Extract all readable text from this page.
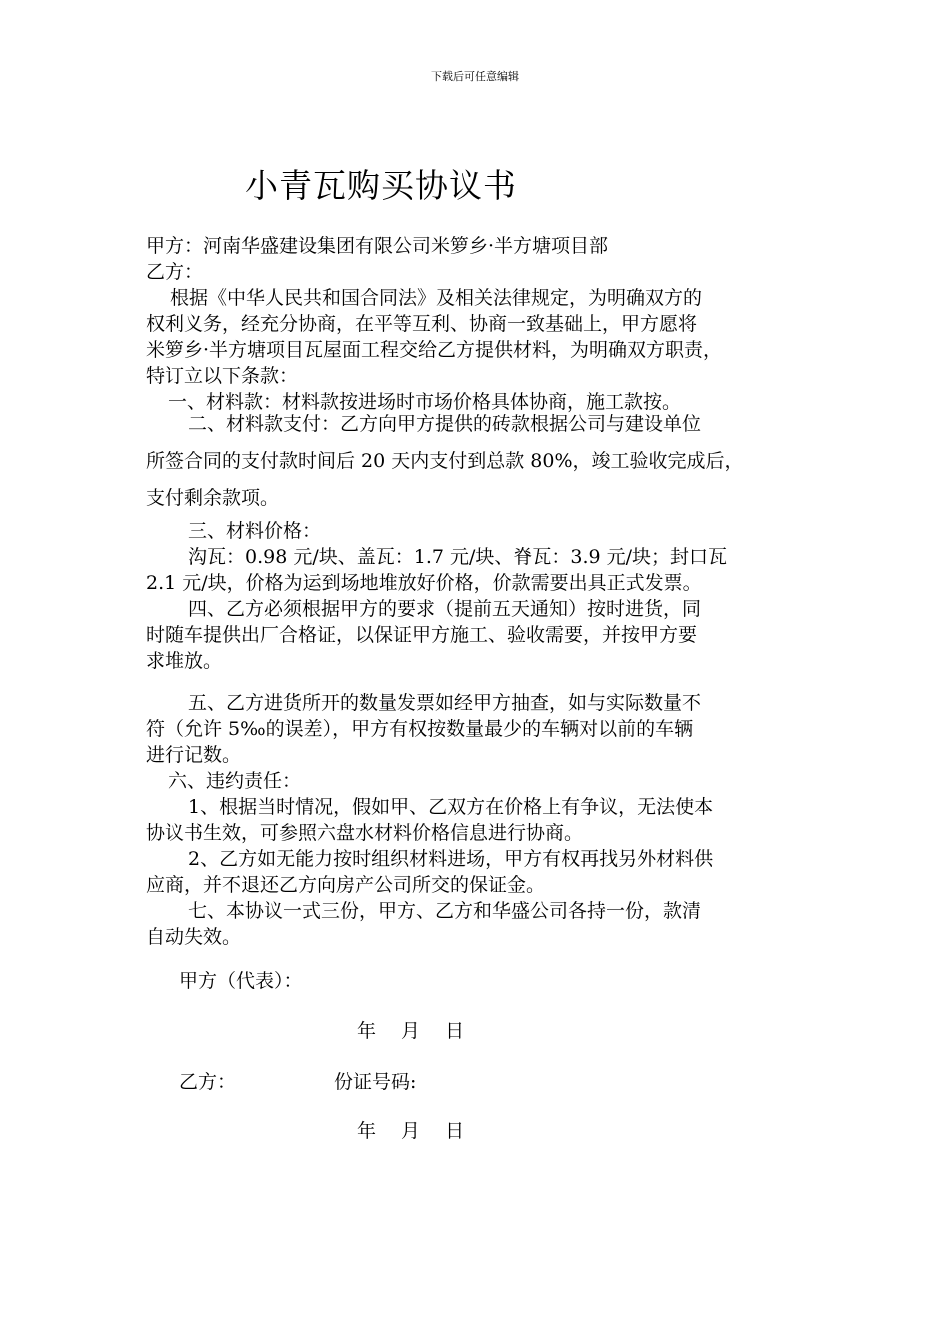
下载后可任意编辑
小青瓦购买协议书
甲方：河南华盛建设集团有限公司米箩乡·半方塘项目部
乙方：
根据《中华人民共和国合同法》及相关法律规定，为明确双方的
权利义务，经充分协商，在平等互利、协商一致基础上，甲方愿将
米箩乡·半方塘项目瓦屋面工程交给乙方提供材料，为明确双方职责，
特订立以下条款：
一、材料款：材料款按进场时市场价格具体协商，施工款按。
二、材料款支付：乙方向甲方提供的砖款根据公司与建设单位
所签合同的支付款时间后 20 天内支付到总款 80%，竣工验收完成后，
支付剩余款项。
三、材料价格：
沟瓦：0.98 元/块、盖瓦：1.7 元/块、脊瓦：3.9 元/块；封口瓦
2.1 元/块，价格为运到场地堆放好价格，价款需要出具正式发票。
四、乙方必须根据甲方的要求（提前五天通知）按时进货，同
时随车提供出厂合格证，以保证甲方施工、验收需要，并按甲方要
求堆放。
五、乙方进货所开的数量发票如经甲方抽查，如与实际数量不
符（允许 5‰的误差），甲方有权按数量最少的车辆对以前的车辆
进行记数。
六、违约责任：
1、根据当时情况，假如甲、乙双方在价格上有争议，无法使本
协议书生效，可参照六盘水材料价格信息进行协商。
2、乙方如无能力按时组织材料进场，甲方有权再找另外材料供
应商，并不退还乙方向房产公司所交的保证金。
七、本协议一式三份，甲方、乙方和华盛公司各持一份，款清
自动失效。
甲方（代表）：
年　 月　 日
乙方：	份证号码:
年　 月　 日
